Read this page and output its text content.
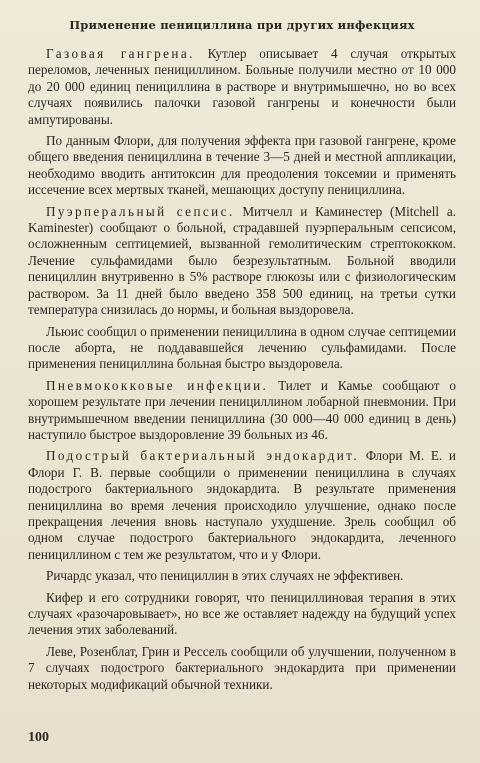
Применение пенициллина при других инфекциях

Газовая гангрена. Кутлер описывает 4 случая открытых переломов, леченных пенициллином. Больные получили местно от 10 000 до 20 000 единиц пенициллина в растворе и внутримышечно, но во всех случаях появились палочки газовой гангрены и конечности были ампутированы.

По данным Флори, для получения эффекта при газовой гангрене, кроме общего введения пенициллина в течение 3—5 дней и местной аппликации, необходимо вводить антитоксин для преодоления токсемии и применять иссечение всех мертвых тканей, мешающих доступу пенициллина.

Пуэрперальный сепсис. Митчелл и Каминестер (Mitchell a. Kaminester) сообщают о больной, страдавшей пуэрперальным сепсисом, осложненным септицемией, вызванной гемолитическим стрептококком. Лечение сульфамидами было безрезультатным. Больной вводили пенициллин внутривенно в 5% растворе глюкозы или с физиологическим раствором. За 11 дней было введено 358 500 единиц, на третьи сутки температура снизилась до нормы, и больная выздоровела.

Льюис сообщил о применении пенициллина в одном случае септицемии после аборта, не поддававшейся лечению сульфамидами. После применения пенициллина больная быстро выздоровела.

Пневмококковые инфекции. Тилет и Камье сообщают о хорошем результате при лечении пенициллином лобарной пневмонии. При внутримышечном введении пенициллина (30 000—40 000 единиц в день) наступило быстрое выздоровление 39 больных из 46.

Подострый бактериальный эндокардит. Флори М. Е. и Флори Г. В. первые сообщили о применении пенициллина в случаях подострого бактериального эндокардита. В результате применения пенициллина во время лечения происходило улучшение, однако после прекращения лечения вновь наступало ухудшение. Зрель сообщил об одном случае подострого бактериального эндокардита, леченного пенициллином с тем же результатом, что и у Флори.

Ричардс указал, что пенициллин в этих случаях не эффективен.

Кифер и его сотрудники говорят, что пенициллиновая терапия в этих случаях «разочаровывает», но все же оставляет надежду на будущий успех лечения этих заболеваний.

Леве, Розенблат, Грин и Рессель сообщили об улучшении, полученном в 7 случаях подострого бактериального эндокардита при применении некоторых модификаций обычной техники.

100
